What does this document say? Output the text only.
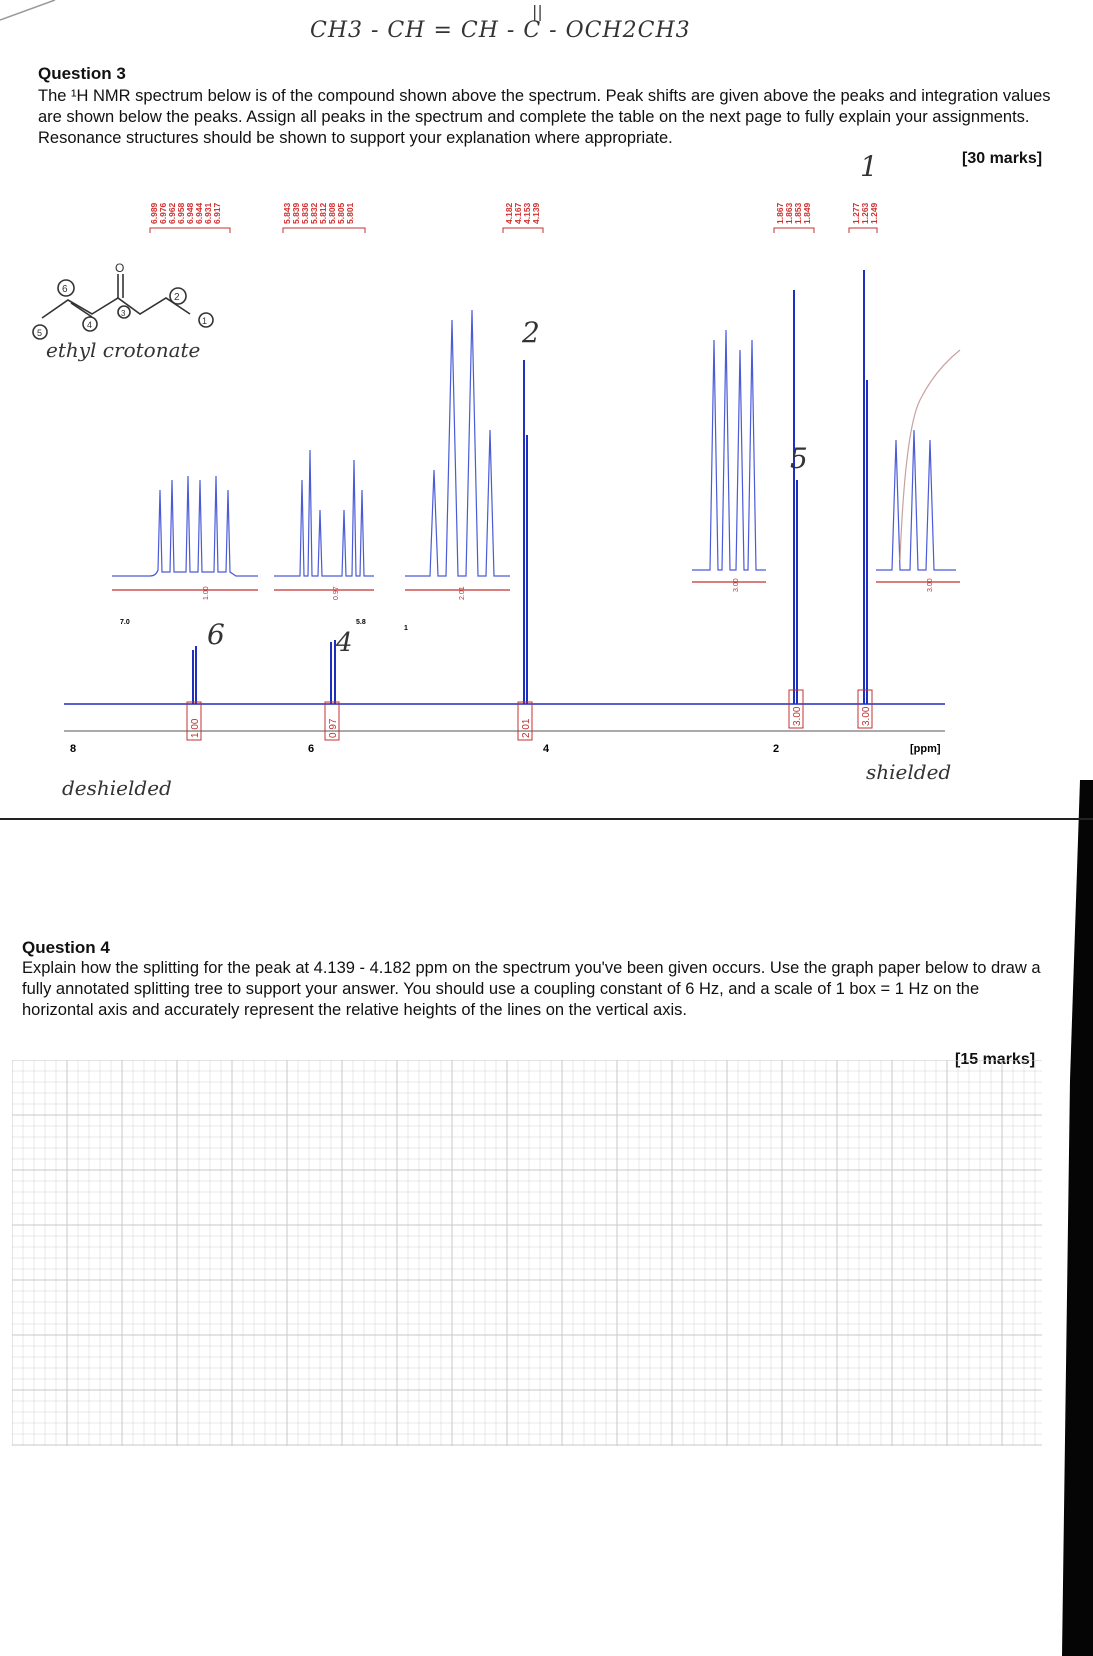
||
CH3 - CH = CH - C - OCH2CH3
Question 3
The ¹H NMR spectrum below is of the compound shown above the spectrum. Peak shifts are given above the peaks and integration values are shown below the peaks. Assign all peaks in the spectrum and complete the table on the next page to fully explain your assignments. Resonance structures should be shown to support your explanation where appropriate.
[30 marks]
O
6
5
4
3
2
1
ethyl crotonate
8	6	4	2	[ppm]
1.00	0.97	2.01
3.00	3.00
1.00	0.97	2.01
3.00	3.00
7.0	5.8
1
6.989 6.976 6.962 6.958 6.948 6.944 6.931 6.917	5.843 5.839 5.836 5.832 5.812 5.808 5.805 5.801	4.182 4.167 4.153 4.139	1.867 1.863 1.853 1.849	1.277 1.263 1.249
1
2
5
6	4
deshielded
shielded
Question 4
Explain how the splitting for the peak at 4.139 - 4.182 ppm on the spectrum you've been given occurs. Use the graph paper below to draw a fully annotated splitting tree to support your answer. You should use a coupling constant of 6 Hz, and a scale of 1 box = 1 Hz on the horizontal axis and accurately represent the relative heights of the lines on the vertical axis.
[15 marks]
